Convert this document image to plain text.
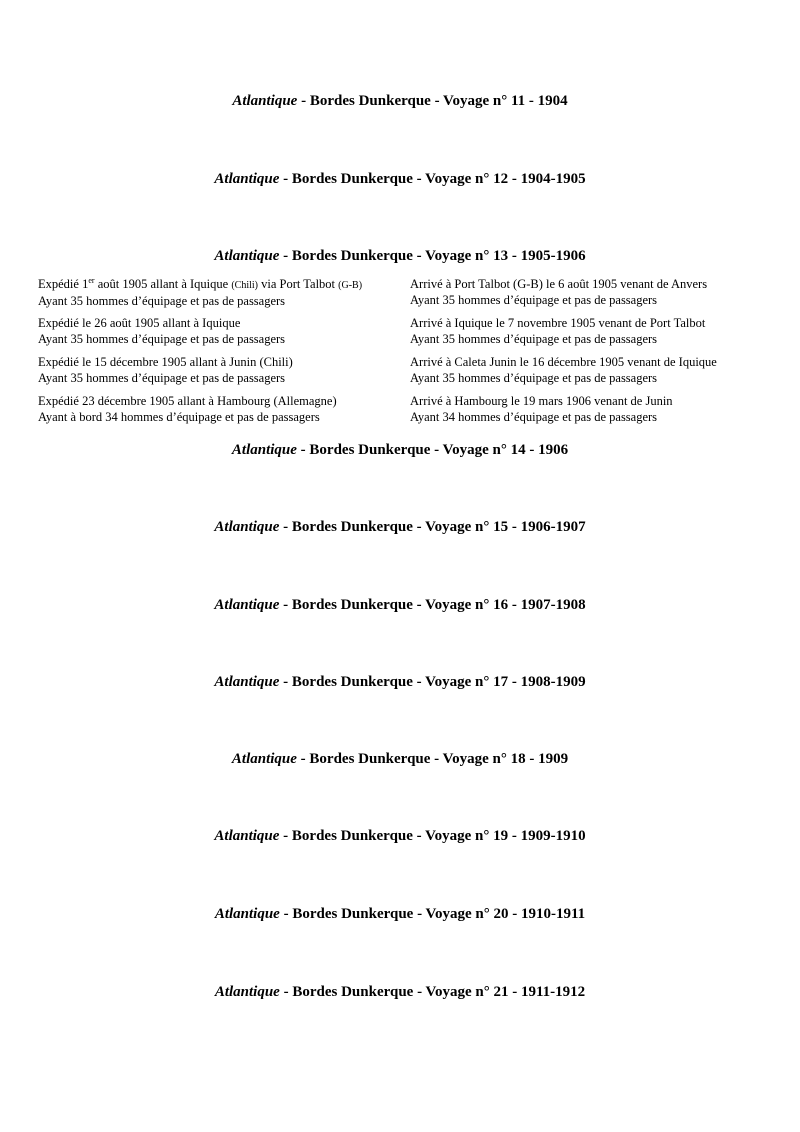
Atlantique - Bordes Dunkerque - Voyage n° 11 - 1904
Atlantique - Bordes Dunkerque - Voyage n° 12 - 1904-1905
Atlantique - Bordes Dunkerque - Voyage n° 13 - 1905-1906
Expédié 1er août 1905 allant à Iquique (Chili) via Port Talbot (G-B)
Ayant 35 hommes d’équipage et pas de passagers
Expédié le 26 août 1905 allant à Iquique
Ayant 35 hommes d’équipage et pas de passagers
Expédié le 15 décembre 1905 allant à Junin (Chili)
Ayant 35 hommes d’équipage et pas de passagers
Expédié 23 décembre 1905 allant à Hambourg (Allemagne)
Ayant à bord 34 hommes d’équipage et pas de passagers
Arrivé à Port Talbot (G-B) le 6 août 1905 venant de Anvers
Ayant 35 hommes d’équipage et pas de passagers
Arrivé à Iquique le 7 novembre 1905 venant de Port Talbot
Ayant 35 hommes d’équipage et pas de passagers
Arrivé à Caleta Junin le 16 décembre 1905 venant de Iquique
Ayant 35 hommes d’équipage et pas de passagers
Arrivé à Hambourg le 19 mars 1906 venant de Junin
Ayant 34 hommes d’équipage et pas de passagers
Atlantique - Bordes Dunkerque - Voyage n° 14 - 1906
Atlantique - Bordes Dunkerque - Voyage n° 15 - 1906-1907
Atlantique - Bordes Dunkerque - Voyage n° 16 - 1907-1908
Atlantique - Bordes Dunkerque - Voyage n° 17 - 1908-1909
Atlantique - Bordes Dunkerque - Voyage n° 18 - 1909
Atlantique - Bordes Dunkerque - Voyage n° 19 - 1909-1910
Atlantique - Bordes Dunkerque - Voyage n° 20 - 1910-1911
Atlantique - Bordes Dunkerque - Voyage n° 21 - 1911-1912
